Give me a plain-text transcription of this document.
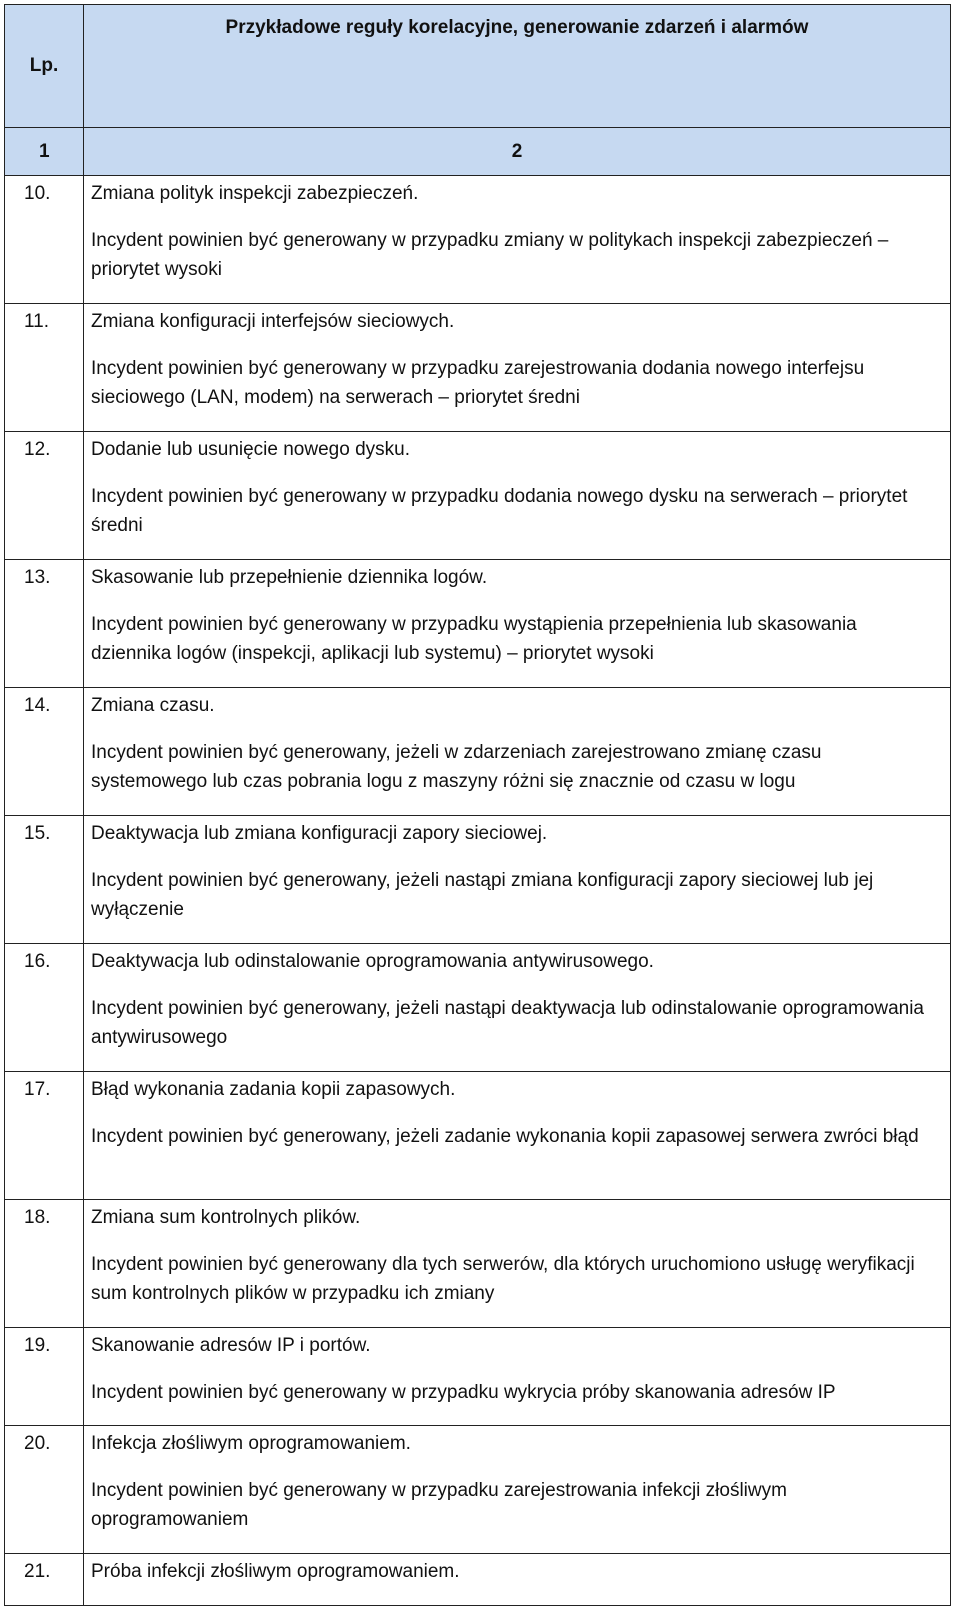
Lp.	Przykładowe reguły korelacyjne, generowanie zdarzeń i alarmów
1	2
10.	Zmiana polityk inspekcji zabezpieczeń.
Incydent powinien być generowany w przypadku zmiany w politykach inspekcji zabezpieczeń – priorytet wysoki

11.	Zmiana konfiguracji interfejsów sieciowych.
Incydent powinien być generowany w przypadku zarejestrowania dodania nowego interfejsu sieciowego (LAN, modem) na serwerach – priorytet średni

12.	Dodanie lub usunięcie nowego dysku.
Incydent powinien być generowany w przypadku dodania nowego dysku na serwerach – priorytet średni

13.	Skasowanie lub przepełnienie dziennika logów.
Incydent powinien być generowany w przypadku wystąpienia przepełnienia lub skasowania dziennika logów (inspekcji, aplikacji lub systemu) – priorytet wysoki

14.	Zmiana czasu.
Incydent powinien być generowany, jeżeli w zdarzeniach zarejestrowano zmianę czasu systemowego lub czas pobrania logu z maszyny różni się znacznie od czasu w logu

15.	Deaktywacja lub zmiana konfiguracji zapory sieciowej.
Incydent powinien być generowany, jeżeli nastąpi zmiana konfiguracji zapory sieciowej lub jej wyłączenie

16.	Deaktywacja lub odinstalowanie oprogramowania antywirusowego.
Incydent powinien być generowany, jeżeli nastąpi deaktywacja lub odinstalowanie oprogramowania antywirusowego

17.	Błąd wykonania zadania kopii zapasowych.
Incydent powinien być generowany, jeżeli zadanie wykonania kopii zapasowej serwera zwróci błąd

18.	Zmiana sum kontrolnych plików.
Incydent powinien być generowany dla tych serwerów, dla których uruchomiono usługę weryfikacji sum kontrolnych plików w przypadku ich zmiany

19.	Skanowanie adresów IP i portów.
Incydent powinien być generowany w przypadku wykrycia próby skanowania adresów IP

20.	Infekcja złośliwym oprogramowaniem.
Incydent powinien być generowany w przypadku zarejestrowania infekcji złośliwym oprogramowaniem

21.	Próba infekcji złośliwym oprogramowaniem.
